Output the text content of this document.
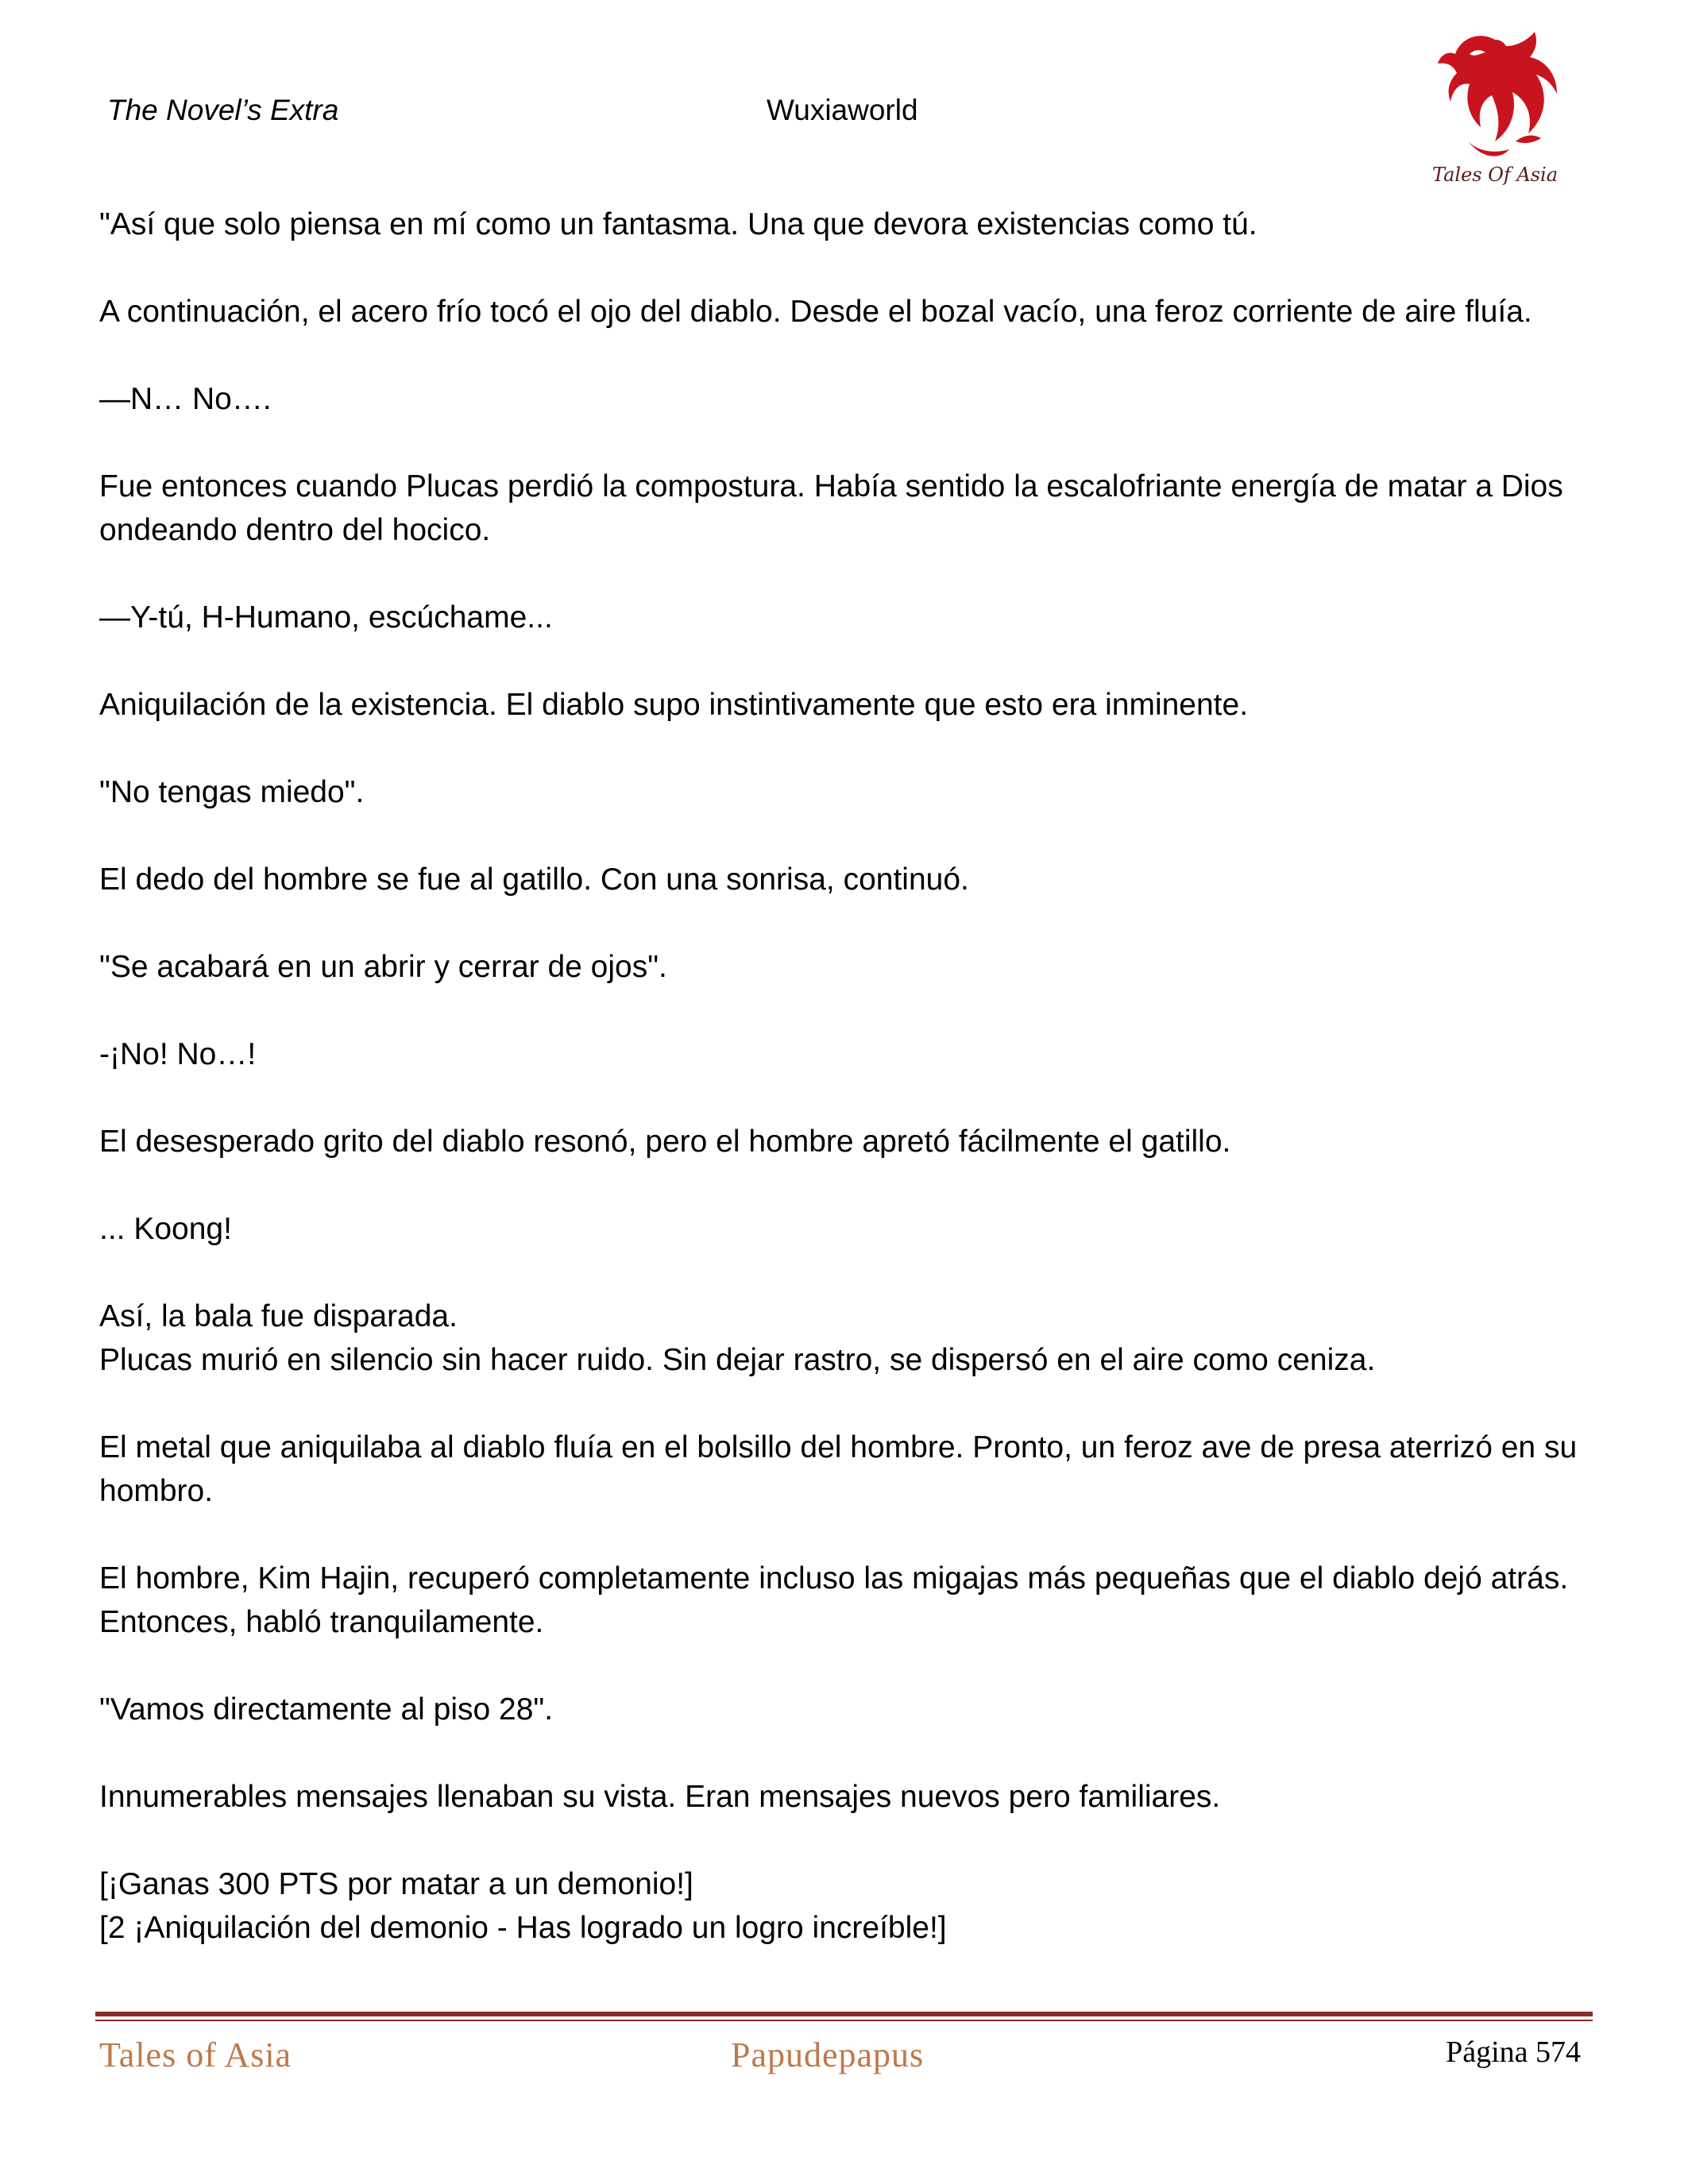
The Novel’s Extra	Wuxiaworld
Tales Of Asia

"Así que solo piensa en mí como un fantasma. Una que devora existencias como tú.

A continuación, el acero frío tocó el ojo del diablo. Desde el bozal vacío, una feroz corriente de aire fluía.

—N… No….

Fue entonces cuando Plucas perdió la compostura. Había sentido la escalofriante energía de matar a Dios ondeando dentro del hocico.

—Y-tú, H-Humano, escúchame...

Aniquilación de la existencia. El diablo supo instintivamente que esto era inminente.

"No tengas miedo".

El dedo del hombre se fue al gatillo. Con una sonrisa, continuó.

"Se acabará en un abrir y cerrar de ojos".

-¡No! No…!

El desesperado grito del diablo resonó, pero el hombre apretó fácilmente el gatillo.

... Koong!

Así, la bala fue disparada.

Plucas murió en silencio sin hacer ruido. Sin dejar rastro, se dispersó en el aire como ceniza.

El metal que aniquilaba al diablo fluía en el bolsillo del hombre. Pronto, un feroz ave de presa aterrizó en su hombro.

El hombre, Kim Hajin, recuperó completamente incluso las migajas más pequeñas que el diablo dejó atrás. Entonces, habló tranquilamente.

"Vamos directamente al piso 28".

Innumerables mensajes llenaban su vista. Eran mensajes nuevos pero familiares.

[¡Ganas 300 PTS por matar a un demonio!]

[2 ¡Aniquilación del demonio - Has logrado un logro increíble!]

Tales of Asia	Papudepapus	Página 574
